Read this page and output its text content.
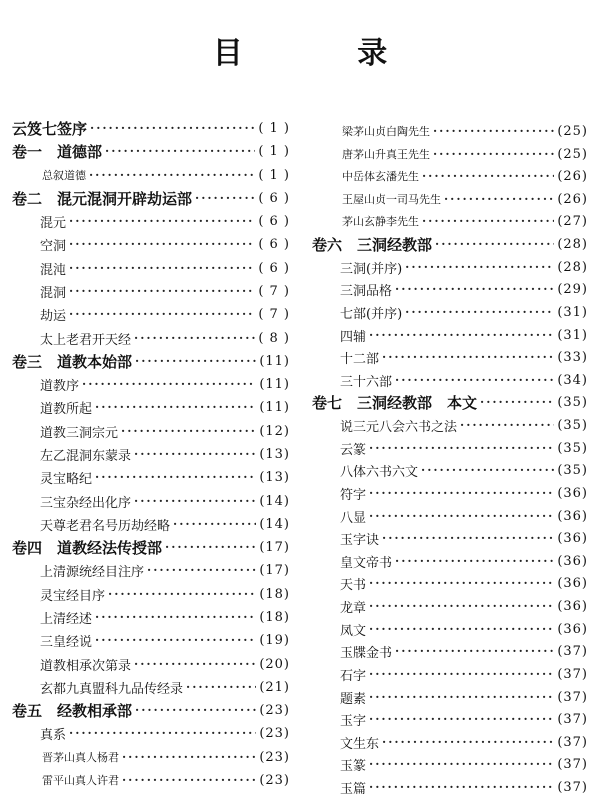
目 录
云笈七签序 ·····	( 1 )
卷一　道德部 ·····	( 1 )
总叙道德 ·····	( 1 )
卷二　混元混洞开辟劫运部 ·····	( 6 )
混元 ·····	( 6 )
空洞 ·····	( 6 )
混沌 ·····	( 6 )
混洞 ·····	( 7 )
劫运 ·····	( 7 )
太上老君开天经 ·····	( 8 )
卷三　道教本始部 ·····	(11)
道教序 ·····	(11)
道教所起 ·····	(11)
道教三洞宗元 ·····	(12)
左乙混洞东蒙录 ·····	(13)
灵宝略纪 ·····	(13)
三宝杂经出化序 ·····	(14)
天尊老君名号历劫经略 ·····	(14)
卷四　道教经法传授部 ·····	(17)
上清源统经目注序 ·····	(17)
灵宝经目序 ·····	(18)
上清经述 ·····	(18)
三皇经说 ·····	(19)
道教相承次第录 ·····	(20)
玄都九真盟科九品传经录 ·····	(21)
卷五　经教相承部 ·····	(23)
真系 ·····	(23)
晋茅山真人杨君 ·····	(23)
雷平山真人许君 ·····	(23)
梁茅山贞白陶先生 ·····	(25)
唐茅山升真王先生 ·····	(25)
中岳体玄潘先生 ·····	(26)
王屋山贞一司马先生 ·····	(26)
茅山玄静李先生 ·····	(27)
卷六　三洞经教部 ·····	(28)
三洞(并序) ·····	(28)
三洞品格 ·····	(29)
七部(并序) ·····	(31)
四辅 ·····	(31)
十二部 ·····	(33)
三十六部 ·····	(34)
卷七　三洞经教部　本文 ·····	(35)
说三元八会六书之法 ·····	(35)
云篆 ·····	(35)
八体六书六文 ·····	(35)
符字 ·····	(36)
八显 ·····	(36)
玉字诀 ·····	(36)
皇文帝书 ·····	(36)
天书 ·····	(36)
龙章 ·····	(36)
凤文 ·····	(36)
玉牒金书 ·····	(37)
石字 ·····	(37)
题素 ·····	(37)
玉字 ·····	(37)
文生东 ·····	(37)
玉篆 ·····	(37)
玉篇 ·····	(37)
